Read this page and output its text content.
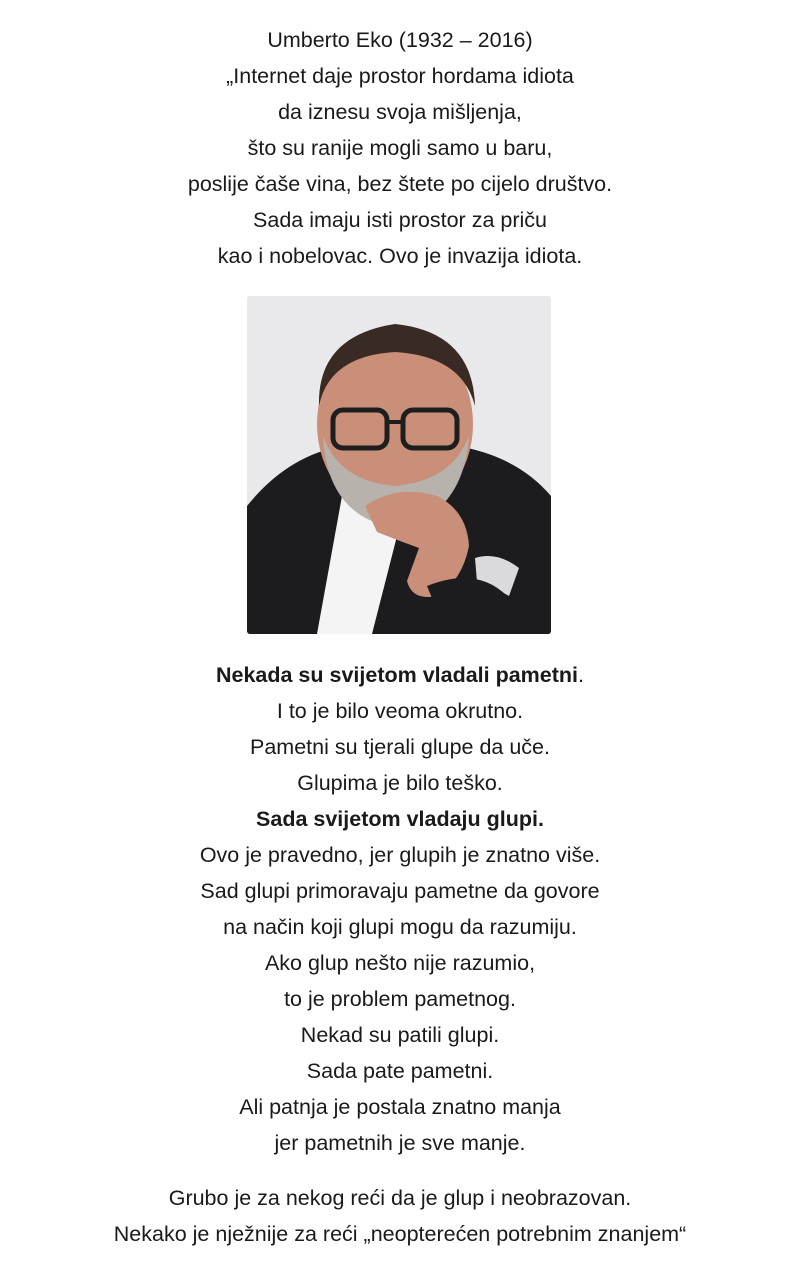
Umberto Eko (1932 – 2016)
„Internet daje prostor hordama idiota
da iznesu svoja mišljenja,
što su ranije mogli samo u baru,
poslije čaše vina, bez štete po cijelo društvo.
Sada imaju isti prostor za priču
kao i nobelovac. Ovo je invazija idiota.
Nekada su svijetom vladali pametni.
I to je bilo veoma okrutno.
Pametni su tjerali glupe da uče.
Glupima je bilo teško.
Sada svijetom vladaju glupi.
Ovo je pravedno, jer glupih je znatno više.
Sad glupi primoravaju pametne da govore
na način koji glupi mogu da razumiju.
Ako glup nešto nije razumio,
to je problem pametnog.
Nekad su patili glupi.
Sada pate pametni.
Ali patnja je postala znatno manja
jer pametnih je sve manje.
Grubo je za nekog reći da je glup i neobrazovan.
Nekako je nježnije za reći „neopterećen potrebnim znanjem“
